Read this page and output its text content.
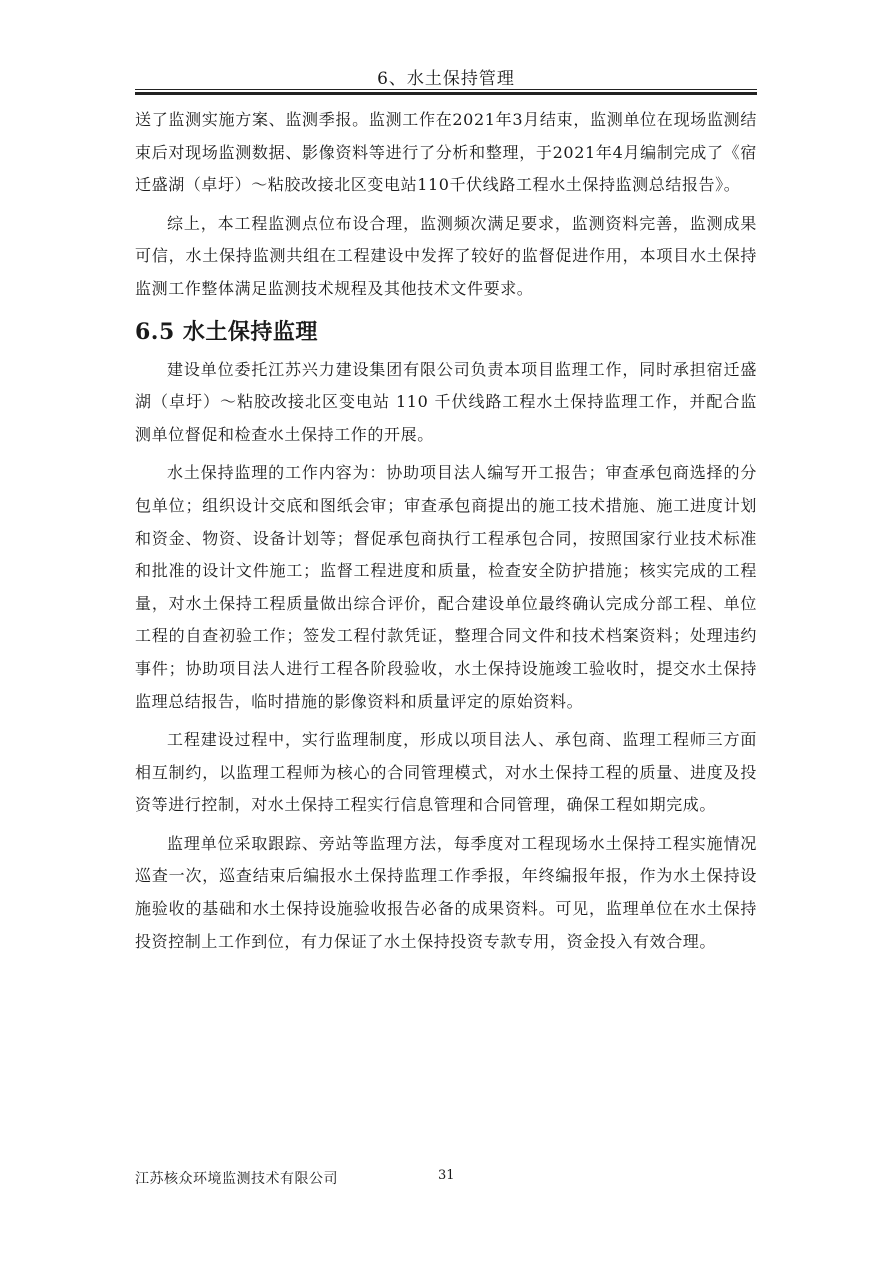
6、水土保持管理

送了监测实施方案、监测季报。监测工作在2021年3月结束，监测单位在现场监测结束后对现场监测数据、影像资料等进行了分析和整理，于2021年4月编制完成了《宿迁盛湖（卓圩）～粘胶改接北区变电站110千伏线路工程水土保持监测总结报告》。

综上，本工程监测点位布设合理，监测频次满足要求，监测资料完善，监测成果可信，水土保持监测共组在工程建设中发挥了较好的监督促进作用，本项目水土保持监测工作整体满足监测技术规程及其他技术文件要求。

6.5 水土保持监理

建设单位委托江苏兴力建设集团有限公司负责本项目监理工作，同时承担宿迁盛湖（卓圩）～粘胶改接北区变电站 110 千伏线路工程水土保持监理工作，并配合监测单位督促和检查水土保持工作的开展。

水土保持监理的工作内容为：协助项目法人编写开工报告；审查承包商选择的分包单位；组织设计交底和图纸会审；审查承包商提出的施工技术措施、施工进度计划和资金、物资、设备计划等；督促承包商执行工程承包合同，按照国家行业技术标准和批准的设计文件施工；监督工程进度和质量，检查安全防护措施；核实完成的工程量，对水土保持工程质量做出综合评价，配合建设单位最终确认完成分部工程、单位工程的自查初验工作；签发工程付款凭证，整理合同文件和技术档案资料；处理违约事件；协助项目法人进行工程各阶段验收，水土保持设施竣工验收时，提交水土保持监理总结报告，临时措施的影像资料和质量评定的原始资料。

工程建设过程中，实行监理制度，形成以项目法人、承包商、监理工程师三方面相互制约，以监理工程师为核心的合同管理模式，对水土保持工程的质量、进度及投资等进行控制，对水土保持工程实行信息管理和合同管理，确保工程如期完成。

监理单位采取跟踪、旁站等监理方法，每季度对工程现场水土保持工程实施情况巡查一次，巡查结束后编报水土保持监理工作季报，年终编报年报，作为水土保持设施验收的基础和水土保持设施验收报告必备的成果资料。可见，监理单位在水土保持投资控制上工作到位，有力保证了水土保持投资专款专用，资金投入有效合理。

江苏核众环境监测技术有限公司	31
